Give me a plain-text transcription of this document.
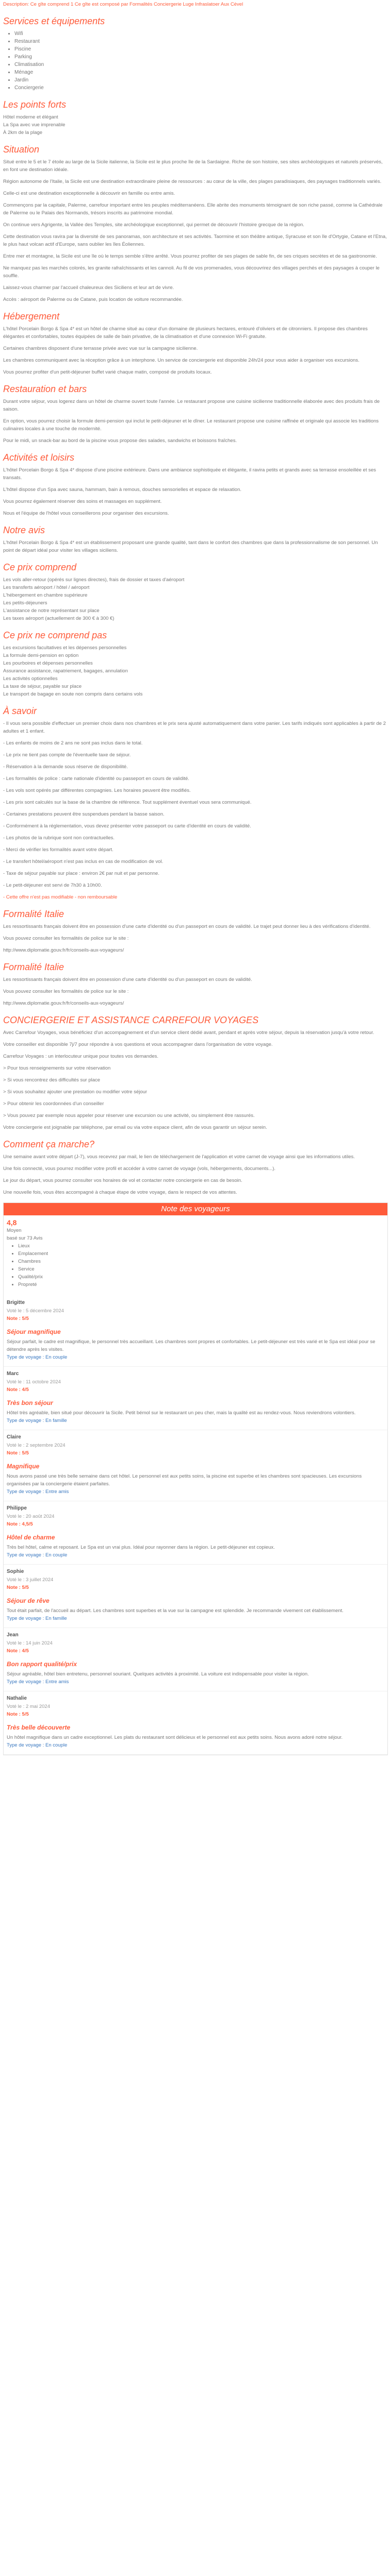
Description: Ce gîte comprend 1 Ce gîte est composé par Formalités Conciergerie Luge Infraslatoer Aux Cèvel

Services et équipements
• Wifi
• Restaurant
• Piscine
• Parking
• Climatisation
• Ménage
• Jardin
• Conciergerie
Les points forts
Hôtel moderne et élégant
La Spa avec vue imprenable
À 2km de la plage
Situation

Situé entre le 5 et le 7 étoile au large de la Sicile italienne, la Sicile est le plus proche île de la Sardaigne. Riche de son histoire, ses sites archéologiques et naturels préservés, en font une destination idéale.

Région autonome de l'Italie, la Sicile est une destination extraordinaire pleine de ressources : au cœur de la ville, des plages paradisiaques, des paysages traditionnels variés.

Celle-ci est une destination exceptionnelle à découvrir en famille ou entre amis.

Commençons par la capitale, Palerme, carrefour important entre les peuples méditerranéens. Elle abrite des monuments témoignant de son riche passé, comme la Cathédrale de Palerme ou le Palais des Normands, trésors inscrits au patrimoine mondial.

On continue vers Agrigente, la Vallée des Temples, site archéologique exceptionnel, qui permet de découvrir l'histoire grecque de la région.

Cette destination vous ravira par la diversité de ses panoramas, son architecture et ses activités. Taormine et son théâtre antique, Syracuse et son île d'Ortygie, Catane et l'Etna, le plus haut volcan actif d'Europe, sans oublier les îles Éoliennes.

Entre mer et montagne, la Sicile est une île où le temps semble s'être arrêté. Vous pourrez profiter de ses plages de sable fin, de ses criques secrètes et de sa gastronomie.

Ne manquez pas les marchés colorés, les granite rafraîchissants et les cannoli. Au fil de vos promenades, vous découvrirez des villages perchés et des paysages à couper le souffle.

Laissez-vous charmer par l'accueil chaleureux des Siciliens et leur art de vivre.

Accès : aéroport de Palerme ou de Catane, puis location de voiture recommandée.

Hébergement

L'hôtel Porcelain Borgo & Spa 4* est un hôtel de charme situé au cœur d'un domaine de plusieurs hectares, entouré d'oliviers et de citronniers. Il propose des chambres élégantes et confortables, toutes équipées de salle de bain privative, de la climatisation et d'une connexion Wi-Fi gratuite.

Certaines chambres disposent d'une terrasse privée avec vue sur la campagne sicilienne.

Les chambres communiquent avec la réception grâce à un interphone. Un service de conciergerie est disponible 24h/24 pour vous aider à organiser vos excursions.

Vous pourrez profiter d'un petit-déjeuner buffet varié chaque matin, composé de produits locaux.

Restauration et bars

Durant votre séjour, vous logerez dans un hôtel de charme ouvert toute l'année. Le restaurant propose une cuisine sicilienne traditionnelle élaborée avec des produits frais de saison.

En option, vous pourrez choisir la formule demi-pension qui inclut le petit-déjeuner et le dîner. Le restaurant propose une cuisine raffinée et originale qui associe les traditions culinaires locales à une touche de modernité.

Pour le midi, un snack-bar au bord de la piscine vous propose des salades, sandwichs et boissons fraîches.

Activités et loisirs

L'hôtel Porcelain Borgo & Spa 4* dispose d'une piscine extérieure. Dans une ambiance sophistiquée et élégante, il ravira petits et grands avec sa terrasse ensoleillée et ses transats.

L'hôtel dispose d'un Spa avec sauna, hammam, bain à remous, douches sensorielles et espace de relaxation.

Vous pourrez également réserver des soins et massages en supplément.

Nous et l'équipe de l'hôtel vous conseillerons pour organiser des excursions.

Notre avis

L'hôtel Porcelain Borgo & Spa 4* est un établissement proposant une grande qualité, tant dans le confort des chambres que dans la professionnalisme de son personnel. Un point de départ idéal pour visiter les villages siciliens.

Ce prix comprend
Les vols aller-retour (opérés sur lignes directes), frais de dossier et taxes d'aéroport
Les transferts aéroport / hôtel / aéroport
L'hébergement en chambre supérieure
Les petits-déjeuners
L'assistance de notre représentant sur place
Les taxes aéroport (actuellement de 300 € à 300 €)
Ce prix ne comprend pas
Les excursions facultatives et les dépenses personnelles
La formule demi-pension en option
Les pourboires et dépenses personnelles
Assurance assistance, rapatriement, bagages, annulation
Les activités optionnelles
La taxe de séjour, payable sur place
Le transport de bagage en soute non compris dans certains vols
À savoir

- Il vous sera possible d'effectuer un premier choix dans nos chambres et le prix sera ajusté automatiquement dans votre panier. Les tarifs indiqués sont applicables à partir de 2 adultes et 1 enfant.

- Les enfants de moins de 2 ans ne sont pas inclus dans le total.

- Le prix ne tient pas compte de l'éventuelle taxe de séjour.

- Réservation à la demande sous réserve de disponibilité.

- Les formalités de police : carte nationale d'identité ou passeport en cours de validité.

- Les vols sont opérés par différentes compagnies. Les horaires peuvent être modifiés.

- Les prix sont calculés sur la base de la chambre de référence. Tout supplément éventuel vous sera communiqué.

- Certaines prestations peuvent être suspendues pendant la basse saison.

- Conformément à la réglementation, vous devez présenter votre passeport ou carte d'identité en cours de validité.

- Les photos de la rubrique sont non contractuelles.

- Merci de vérifier les formalités avant votre départ.

- Le transfert hôtel/aéroport n'est pas inclus en cas de modification de vol.

- Taxe de séjour payable sur place : environ 2€ par nuit et par personne.

- Le petit-déjeuner est servi de 7h30 à 10h00.

- Cette offre n'est pas modifiable - non remboursable

Formalité Italie

Les ressortissants français doivent être en possession d'une carte d'identité ou d'un passeport en cours de validité. Le trajet peut donner lieu à des vérifications d'identité.

Vous pouvez consulter les formalités de police sur le site :

http://www.diplomatie.gouv.fr/fr/conseils-aux-voyageurs/

Formalité Italie

Les ressortissants français doivent être en possession d'une carte d'identité ou d'un passeport en cours de validité.

Vous pouvez consulter les formalités de police sur le site :

http://www.diplomatie.gouv.fr/fr/conseils-aux-voyageurs/

CONCIERGERIE ET ASSISTANCE CARREFOUR VOYAGES

Avec Carrefour Voyages, vous bénéficiez d'un accompagnement et d'un service client dédié avant, pendant et après votre séjour, depuis la réservation jusqu'à votre retour.

Votre conseiller est disponible 7j/7 pour répondre à vos questions et vous accompagner dans l'organisation de votre voyage.

Carrefour Voyages : un interlocuteur unique pour toutes vos demandes.

> Pour tous renseignements sur votre réservation

> Si vous rencontrez des difficultés sur place

> Si vous souhaitez ajouter une prestation ou modifier votre séjour

> Pour obtenir les coordonnées d'un conseiller

> Vous pouvez par exemple nous appeler pour réserver une excursion ou une activité, ou simplement être rassurés.

Votre conciergerie est joignable par téléphone, par email ou via votre espace client, afin de vous garantir un séjour serein.

Comment ça marche?

Une semaine avant votre départ (J-7), vous recevrez par mail, le lien de téléchargement de l'application et votre carnet de voyage ainsi que les informations utiles.

Une fois connecté, vous pourrez modifier votre profil et accéder à votre carnet de voyage (vols, hébergements, documents...).

Le jour du départ, vous pourrez consulter vos horaires de vol et contacter notre conciergerie en cas de besoin.

Une nouvelle fois, vous êtes accompagné à chaque étape de votre voyage, dans le respect de vos attentes.

Note des voyageurs
4,8
Moyen
basé sur 73 Avis
• Lieux
• Emplacement
• Chambres
• Service
• Qualité/prix
• Propreté
Brigitte
Voté le : 5 décembre 2024
Note : 5/5
Séjour magnifique
Séjour parfait, le cadre est magnifique, le personnel très accueillant. Les chambres sont propres et confortables. Le petit-déjeuner est très varié et le Spa est idéal pour se détendre après les visites.
Type de voyage : En couple
Marc
Voté le : 11 octobre 2024
Note : 4/5
Très bon séjour
Hôtel très agréable, bien situé pour découvrir la Sicile. Petit bémol sur le restaurant un peu cher, mais la qualité est au rendez-vous. Nous reviendrons volontiers.
Type de voyage : En famille
Claire
Voté le : 2 septembre 2024
Note : 5/5
Magnifique
Nous avons passé une très belle semaine dans cet hôtel. Le personnel est aux petits soins, la piscine est superbe et les chambres sont spacieuses. Les excursions organisées par la conciergerie étaient parfaites.
Type de voyage : Entre amis
Philippe
Voté le : 20 août 2024
Note : 4,5/5
Hôtel de charme
Très bel hôtel, calme et reposant. Le Spa est un vrai plus. Idéal pour rayonner dans la région. Le petit-déjeuner est copieux.
Type de voyage : En couple
Sophie
Voté le : 3 juillet 2024
Note : 5/5
Séjour de rêve
Tout était parfait, de l'accueil au départ. Les chambres sont superbes et la vue sur la campagne est splendide. Je recommande vivement cet établissement.
Type de voyage : En famille
Jean
Voté le : 14 juin 2024
Note : 4/5
Bon rapport qualité/prix
Séjour agréable, hôtel bien entretenu, personnel souriant. Quelques activités à proximité. La voiture est indispensable pour visiter la région.
Type de voyage : Entre amis
Nathalie
Voté le : 2 mai 2024
Note : 5/5
Très belle découverte
Un hôtel magnifique dans un cadre exceptionnel. Les plats du restaurant sont délicieux et le personnel est aux petits soins. Nous avons adoré notre séjour.
Type de voyage : En couple
